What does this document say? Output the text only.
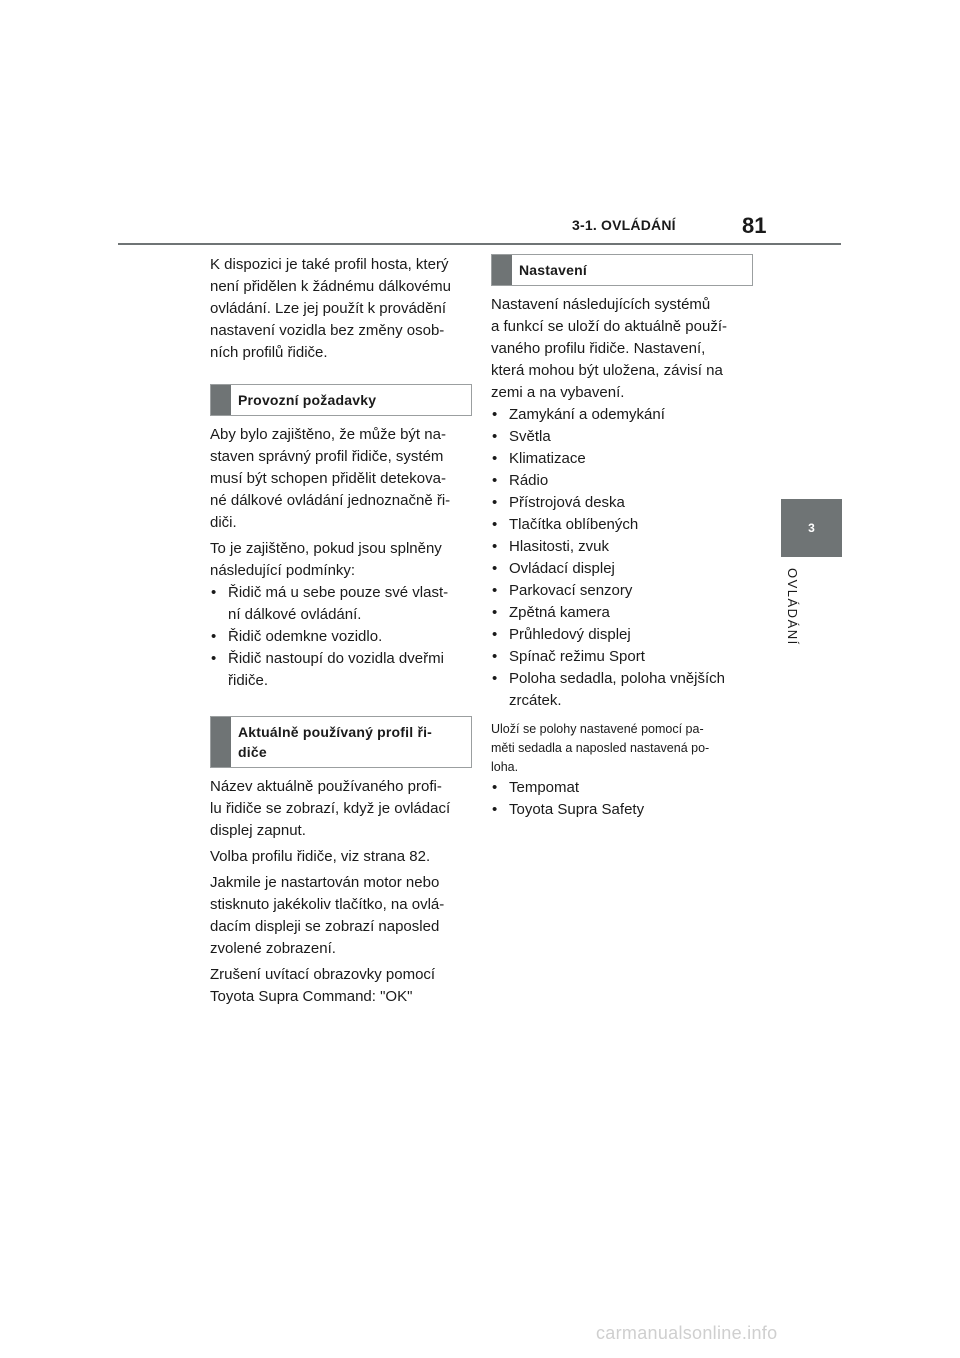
3-1. OVLÁDÁNÍ	81
3
OVLÁDÁNÍ

K dispozici je také profil hosta, který
není přidělen k žádnému dálkovému
ovládání. Lze jej použít k provádění
nastavení vozidla bez změny osob-
ních profilů řidiče.

Provozní požadavky

Aby bylo zajištěno, že může být na-
staven správný profil řidiče, systém
musí být schopen přidělit detekova-
né dálkové ovládání jednoznačně ři-
diči.

To je zajištěno, pokud jsou splněny
následující podmínky:

• Řidič má u sebe pouze své vlast-
ní dálkové ovládání.
• Řidič odemkne vozidlo.
• Řidič nastoupí do vozidla dveřmi
řidiče.
Aktuálně používaný profil ři-
diče

Název aktuálně používaného profi-
lu řidiče se zobrazí, když je ovládací
displej zapnut.

Volba profilu řidiče, viz strana 82.

Jakmile je nastartován motor nebo
stisknuto jakékoliv tlačítko, na ovlá-
dacím displeji se zobrazí naposled
zvolené zobrazení.

Zrušení uvítací obrazovky pomocí
Toyota Supra Command: "OK"

Nastavení

Nastavení následujících systémů
a funkcí se uloží do aktuálně použí-
vaného profilu řidiče. Nastavení,
která mohou být uložena, závisí na
zemi a na vybavení.

• Zamykání a odemykání
• Světla
• Klimatizace
• Rádio
• Přístrojová deska
• Tlačítka oblíbených
• Hlasitosti, zvuk
• Ovládací displej
• Parkovací senzory
• Zpětná kamera
• Průhledový displej
• Spínač režimu Sport
• Poloha sedadla, poloha vnějších
zrcátek.

Uloží se polohy nastavené pomocí pa-
měti sedadla a naposled nastavená po-
loha.

• Tempomat
• Toyota Supra Safety
carmanualsonline.info
